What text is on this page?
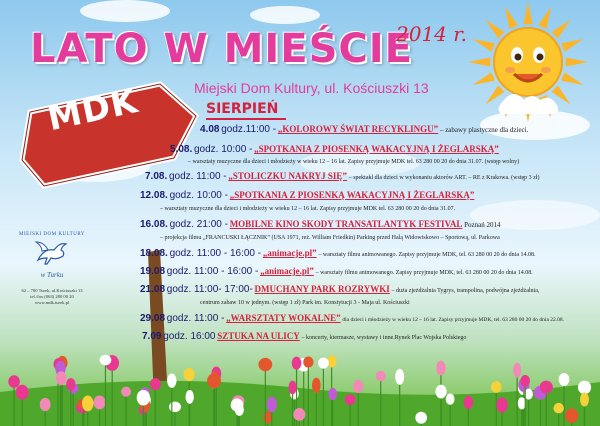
MDK
LATO W MIEŚCIE
2014 r.
Miejski Dom Kultury, ul. Kościuszki 13
SIERPIEŃ
MIEJSKI DOM KULTURY
w Turku
62 – 700 Turek, ul.Kościuszki 13
tel./fax (063) 280 00 20
www.mdk.turek.pl
4.08 godz.11:00 - „KOLOROWY ŚWIAT RECYKLINGU” – zabawy plastyczne dla dzieci.
5.08. godz. 10:00 - „SPOTKANIA Z PIOSENKĄ WAKACYJNĄ I ŻEGLARSKĄ”
– warsztaty muzyczne dla dzieci i młodzieży w wieku 12 – 16 lat. Zapisy przyjmuje MDK tel. 63 280 00 20 do dnia 31.07. (wstęp wolny)
7.08. godz. 11:00 - „STOLICZKU NAKRYJ SIĘ” – spektakl dla dzieci w wykonaniu aktorów ART. – RE z Krakowa. (wstęp 3 zł)
12.08. godz. 10:00 - „SPOTKANIA Z PIOSENKĄ WAKACYJNĄ I ŻEGLARSKĄ”
– warsztaty muzyczne dla dzieci i młodzieży w wieku 12 – 16 lat. Zapisy przyjmuje MDK tel. 63 280 00 20 do dnia 31.07.
16.08. godz. 21:00 - MOBILNE KINO SKODY TRANSATLANTYK FESTIVAL Poznań 2014
– projekcja filmu „FRANCUSKI ŁĄCZNIK” (USA 1971, reż. William Friedkin) Parking przed Halą Widowiskowo – Sportową, ul. Parkowa
18.08. godz. 11:00 - 16:00 - „animacje.pl” – warsztaty filmu animowanego. Zapisy przyjmuje MDK, tel. 63 280 00 20 do dnia 14.08.
19.08 godz. 11:00 - 16:00 - „animacje.pl” – warsztaty filmu animowanego. Zapisy przyjmuje MDK, tel. 63 280 00 20 do dnia 14.08.
21.08 godz. 11:00- 17:00- DMUCHANY PARK ROZRYWKI – duża zjeżdżalnia Tygrys, trampolina, podwójna zjeżdżalnia,
centrum zabaw 10 w jednym. (wstęp 1 zł) Park im. Konstytucji 3 - Maja ul. Kościuszki
29.08 godz. 11:00 - „WARSZTATY WOKALNE” dla dzieci i młodzieży w wieku 12 – 16 lat. Zapisy przyjmuje MDK, tel. 63 280 00 20 do dnia 22.08.
7.09 godz. 16:00 SZTUKA NA ULICY – koncerty, kiermasze, wystawy i inne.Rynek Plac Wojska Polskiego
